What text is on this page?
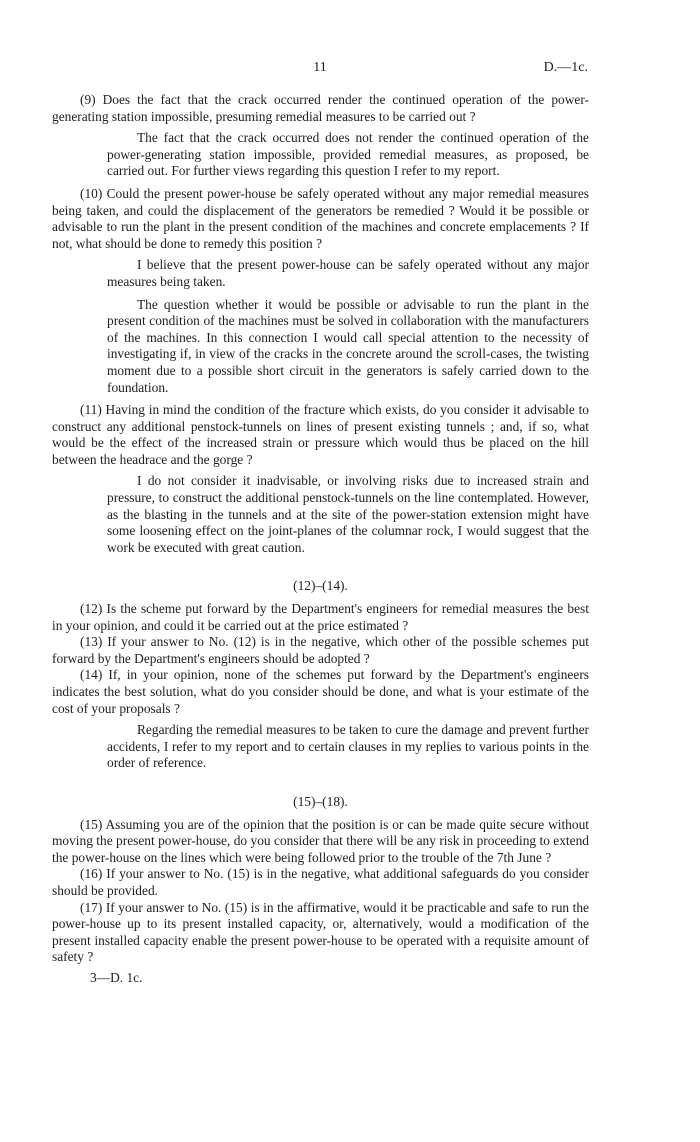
11	D.—1c.

(9) Does the fact that the crack occurred render the continued operation of the power-generating station impossible, presuming remedial measures to be carried out ?

The fact that the crack occurred does not render the continued operation of the power-generating station impossible, provided remedial measures, as proposed, be carried out. For further views regarding this question I refer to my report.

(10) Could the present power-house be safely operated without any major remedial measures being taken, and could the displacement of the generators be remedied ? Would it be possible or advisable to run the plant in the present condition of the machines and concrete emplacements ? If not, what should be done to remedy this position ?

I believe that the present power-house can be safely operated without any major measures being taken.

The question whether it would be possible or advisable to run the plant in the present condition of the machines must be solved in collaboration with the manufacturers of the machines. In this connection I would call special attention to the necessity of investigating if, in view of the cracks in the concrete around the scroll-cases, the twisting moment due to a possible short circuit in the generators is safely carried down to the foundation.

(11) Having in mind the condition of the fracture which exists, do you consider it advisable to construct any additional penstock-tunnels on lines of present existing tunnels ; and, if so, what would be the effect of the increased strain or pressure which would thus be placed on the hill between the headrace and the gorge ?

I do not consider it inadvisable, or involving risks due to increased strain and pressure, to construct the additional penstock-tunnels on the line contemplated. However, as the blasting in the tunnels and at the site of the power-station extension might have some loosening effect on the joint-planes of the columnar rock, I would suggest that the work be executed with great caution.

(12)–(14).

(12) Is the scheme put forward by the Department's engineers for remedial measures the best in your opinion, and could it be carried out at the price estimated ?

(13) If your answer to No. (12) is in the negative, which other of the possible schemes put forward by the Department's engineers should be adopted ?

(14) If, in your opinion, none of the schemes put forward by the Department's engineers indicates the best solution, what do you consider should be done, and what is your estimate of the cost of your proposals ?

Regarding the remedial measures to be taken to cure the damage and prevent further accidents, I refer to my report and to certain clauses in my replies to various points in the order of reference.

(15)–(18).

(15) Assuming you are of the opinion that the position is or can be made quite secure without moving the present power-house, do you consider that there will be any risk in proceeding to extend the power-house on the lines which were being followed prior to the trouble of the 7th June ?

(16) If your answer to No. (15) is in the negative, what additional safeguards do you consider should be provided.

(17) If your answer to No. (15) is in the affirmative, would it be practicable and safe to run the power-house up to its present installed capacity, or, alternatively, would a modification of the present installed capacity enable the present power-house to be operated with a requisite amount of safety ?

3—D. 1c.
